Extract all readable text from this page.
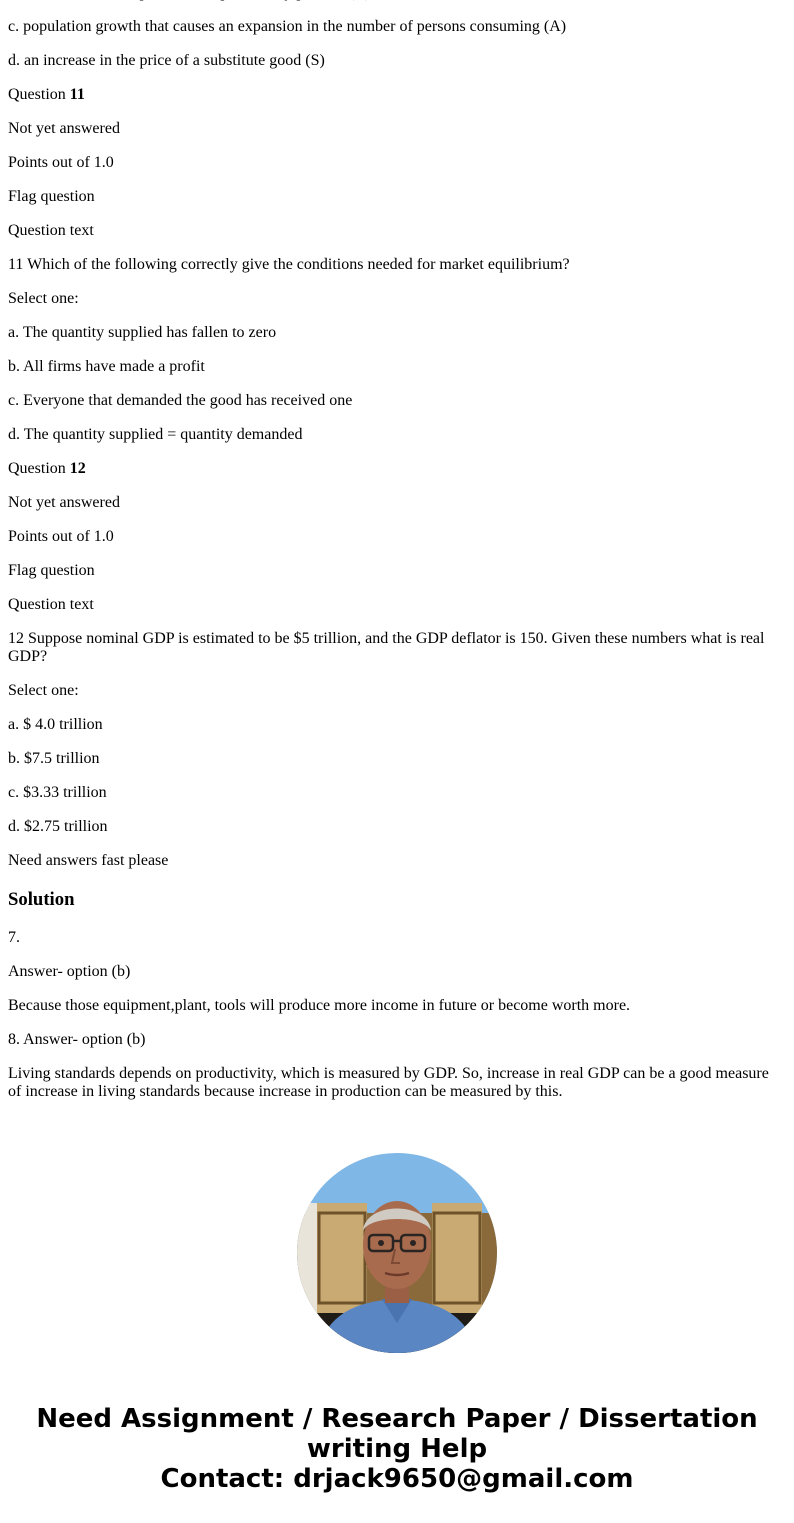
c. population growth that causes an expansion in the number of persons consuming (A)

d. an increase in the price of a substitute good (S)

Question 11

Not yet answered

Points out of 1.0

Flag question

Question text

11 Which of the following correctly give the conditions needed for market equilibrium?

Select one:

a. The quantity supplied has fallen to zero

b. All firms have made a profit

c. Everyone that demanded the good has received one

d. The quantity supplied = quantity demanded

Question 12

Not yet answered

Points out of 1.0

Flag question

Question text

12 Suppose nominal GDP is estimated to be $5 trillion, and the GDP deflator is 150. Given these numbers what is real GDP?

Select one:

a. $ 4.0 trillion

b. $7.5 trillion

c. $3.33 trillion

d. $2.75 trillion

Need answers fast please

Solution

7.

Answer- option (b)

Because those equipment,plant, tools will produce more income in future or become worth more.

8. Answer- option (b)

Living standards depends on productivity, which is measured by GDP. So, increase in real GDP can be a good measure of increase in living standards because increase in production can be measured by this.

Need Assignment / Research Paper / Dissertation
writing Help
Contact: drjack9650@gmail.com
